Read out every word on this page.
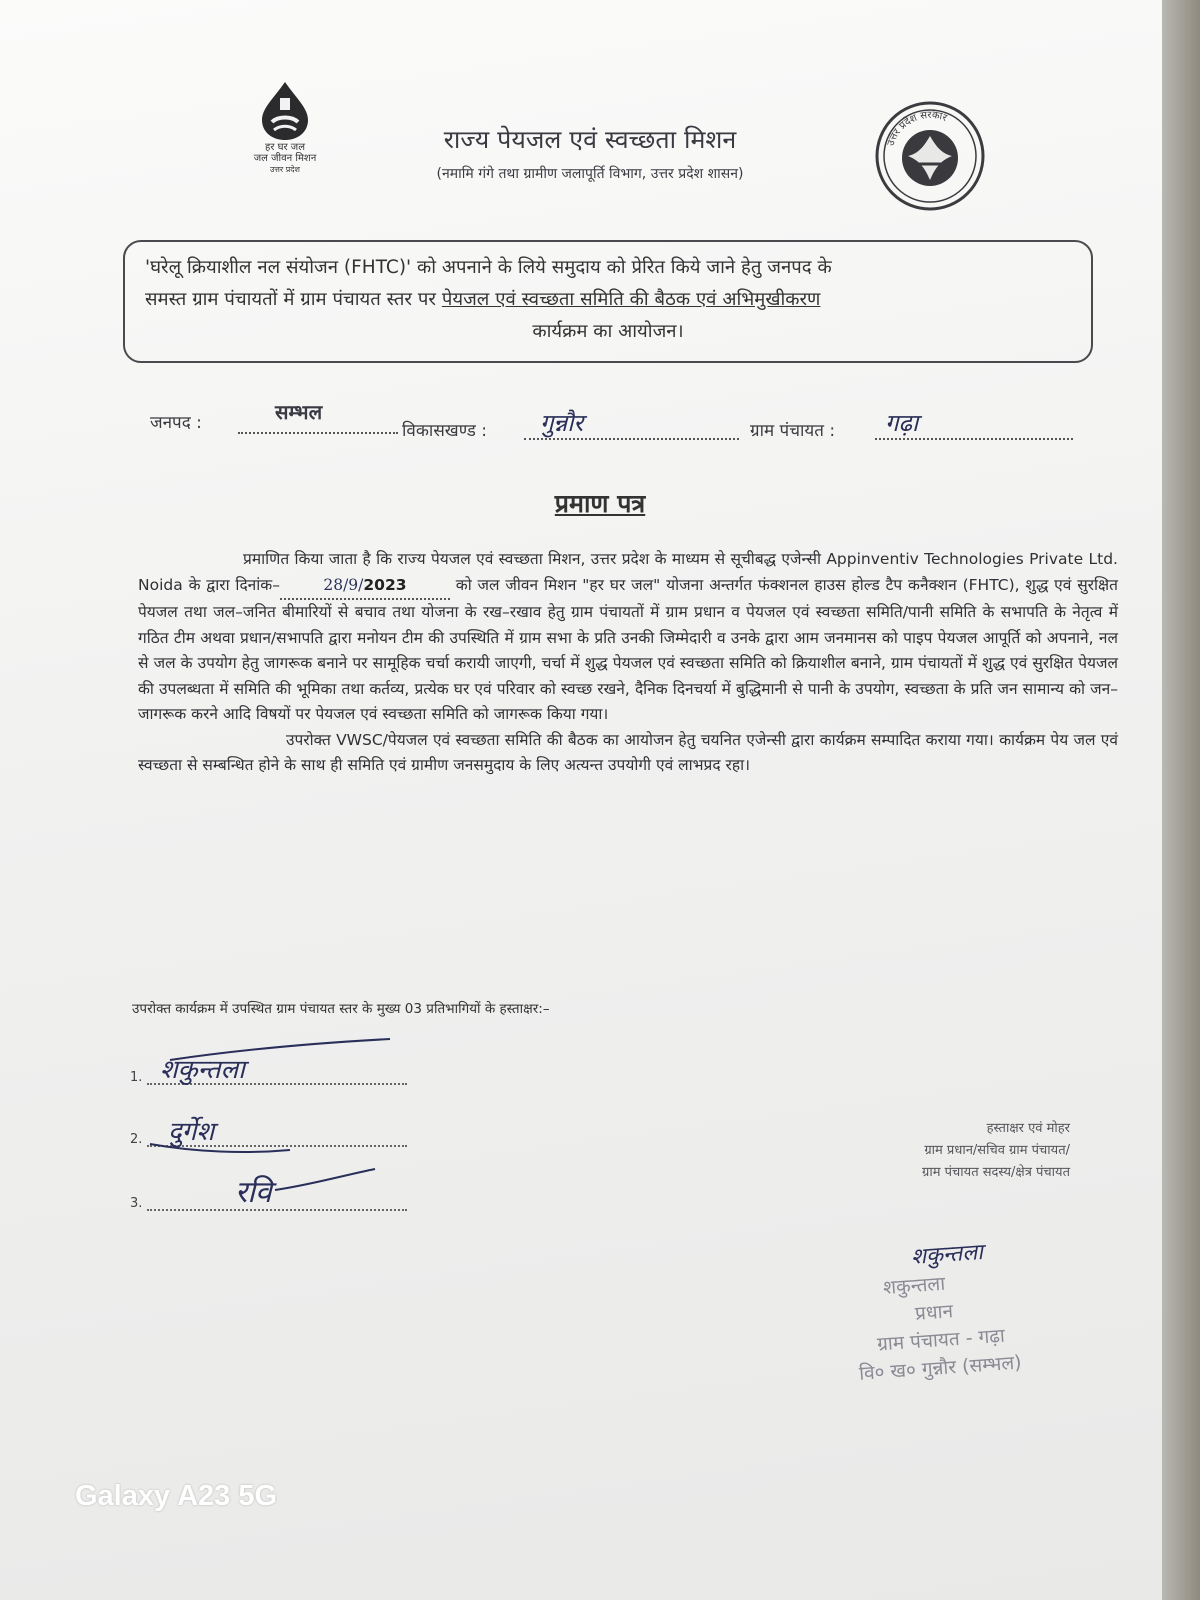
हर घर जल
जल जीवन मिशन
उत्तर प्रदेश
राज्य पेयजल एवं स्वच्छता मिशन
(नमामि गंगे तथा ग्रामीण जलापूर्ति विभाग, उत्तर प्रदेश शासन)
उत्तर प्रदेश सरकार
'घरेलू क्रियाशील नल संयोजन (FHTC)' को अपनाने के लिये समुदाय को प्रेरित किये जाने हेतु जनपद के
समस्त ग्राम पंचायतों में ग्राम पंचायत स्तर पर पेयजल एवं स्वच्छता समिति की बैठक एवं अभिमुखीकरण
कार्यक्रम का आयोजन।
जनपद :	सम्भल
विकासखण्ड : गुन्नौर	ग्राम पंचायत : गढ़ा
प्रमाण पत्र

प्रमाणित किया जाता है कि राज्य पेयजल एवं स्वच्छता मिशन, उत्तर प्रदेश के माध्यम से सूचीबद्ध एजेन्सी Appinventiv Technologies Private Ltd. Noida के द्वारा दिनांक–	28/9/2023	को जल जीवन मिशन "हर घर जल" योजना अन्तर्गत फंक्शनल हाउस होल्ड टैप कनैक्शन (FHTC), शुद्ध एवं सुरक्षित पेयजल तथा जल–जनित बीमारियों से बचाव तथा योजना के रख–रखाव हेतु ग्राम पंचायतों में ग्राम प्रधान व पेयजल एवं स्वच्छता समिति/पानी समिति के सभापति के नेतृत्व में गठित टीम अथवा प्रधान/सभापति द्वारा मनोयन टीम की उपस्थिति में ग्राम सभा के प्रति उनकी जिम्मेदारी व उनके द्वारा आम जनमानस को पाइप पेयजल आपूर्ति को अपनाने, नल से जल के उपयोग हेतु जागरूक बनाने पर सामूहिक चर्चा करायी जाएगी, चर्चा में शुद्ध पेयजल एवं स्वच्छता समिति को क्रियाशील बनाने, ग्राम पंचायतों में शुद्ध एवं सुरक्षित पेयजल की उपलब्धता में समिति की भूमिका तथा कर्तव्य, प्रत्येक घर एवं परिवार को स्वच्छ रखने, दैनिक दिनचर्या में बुद्धिमानी से पानी के उपयोग, स्वच्छता के प्रति जन सामान्य को जन–जागरूक करने आदि विषयों पर पेयजल एवं स्वच्छता समिति को जागरूक किया गया।

उपरोक्त VWSC/पेयजल एवं स्वच्छता समिति की बैठक का आयोजन हेतु चयनित एजेन्सी द्वारा कार्यक्रम सम्पादित कराया गया। कार्यक्रम पेय जल एवं स्वच्छता से सम्बन्धित होने के साथ ही समिति एवं ग्रामीण जनसमुदाय के लिए अत्यन्त उपयोगी एवं लाभप्रद रहा।

उपरोक्त कार्यक्रम में उपस्थित ग्राम पंचायत स्तर के मुख्य 03 प्रतिभागियों के हस्ताक्षर:–
1. शकुन्तला
2. दुर्गेश
3.	रवि
हस्ताक्षर एवं मोहर
ग्राम प्रधान/सचिव ग्राम पंचायत/
ग्राम पंचायत सदस्य/क्षेत्र पंचायत
शकुन्तला
शकुन्तला
प्रधान
ग्राम पंचायत - गढ़ा
वि० ख० गुन्नौर (सम्भल)
Galaxy A23 5G
